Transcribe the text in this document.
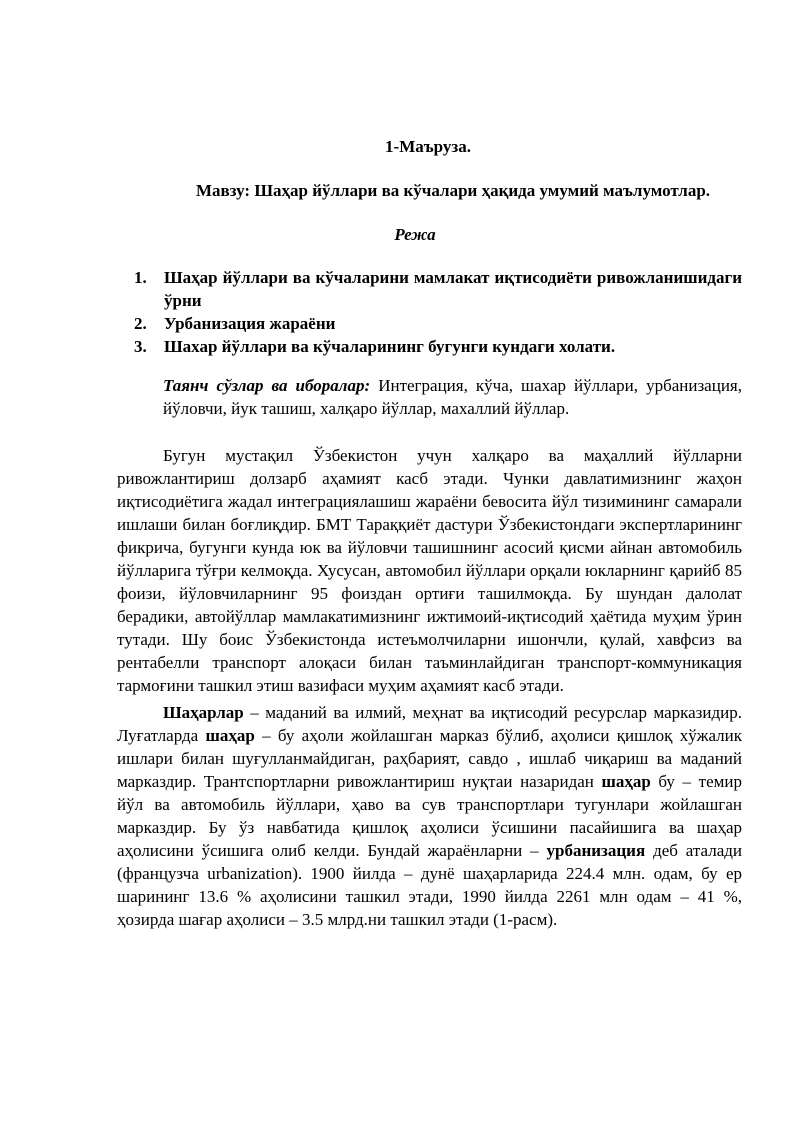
1-Маъруза.
Мавзу: Шаҳар йўллари ва кўчалари ҳақида умумий маълумотлар.
Режа
1. Шаҳар йўллари ва кўчаларини мамлакат иқтисодиёти ривожланишидаги ўрни
2. Урбанизация жараёни
3. Шахар йўллари ва кўчаларининг бугунги кундаги холати.

Таянч сўзлар ва иборалар: Интеграция, кўча, шахар йўллари, урбанизация, йўловчи, йук ташиш, халқаро йўллар, махаллий йўллар.

Бугун мустақил Ўзбекистон учун халқаро ва маҳаллий йўлларни ривожлантириш долзарб аҳамият касб этади. Чунки давлатимизнинг жаҳон иқтисодиётига жадал интеграциялашиш жараёни бевосита йўл тизимининг самарали ишлаши билан боғлиқдир. БМТ Тараққиёт дастури Ўзбекистондаги экспертларининг фикрича, бугунги кунда юк ва йўловчи ташишнинг асосий қисми айнан автомобиль йўлларига тўғри келмоқда. Хусусан, автомобил йўллари орқали юкларнинг қарийб 85 фоизи, йўловчиларнинг 95 фоиздан ортиғи ташилмоқда. Бу шундан далолат берадики, автойўллар мамлакатимизнинг ижтимоий-иқтисодий ҳаётида муҳим ўрин тутади. Шу боис Ўзбекистонда истеъмолчиларни ишончли, қулай, хавфсиз ва рентабелли транспорт алоқаси билан таъминлайдиган транспорт-коммуникация тармоғини ташкил этиш вазифаси муҳим аҳамият касб этади.

Шаҳарлар – маданий ва илмий, меҳнат ва иқтисодий ресурслар марказидир. Луғатларда шаҳар – бу аҳоли жойлашган марказ бўлиб, аҳолиси қишлоқ хўжалик ишлари билан шуғулланмайдиган, раҳбарият, савдо , ишлаб чиқариш ва маданий марказдир. Трантспортларни ривожлантириш нуқтаи назаридан шаҳар бу – темир йўл ва автомобиль йўллари, ҳаво ва сув транспортлари тугунлари жойлашган марказдир. Бу ўз навбатида қишлоқ аҳолиси ўсишини пасайишига ва шаҳар аҳолисини ўсишига олиб келди. Бундай жараёнларни – урбанизация деб аталади (французча urbanization). 1900 йилда – дунё шаҳарларида 224.4 млн. одам, бу ер шарининг 13.6 % аҳолисини ташкил этади, 1990 йилда 2261 млн одам – 41 %, ҳозирда шағар аҳолиси – 3.5 млрд.ни ташкил этади (1-расм).
